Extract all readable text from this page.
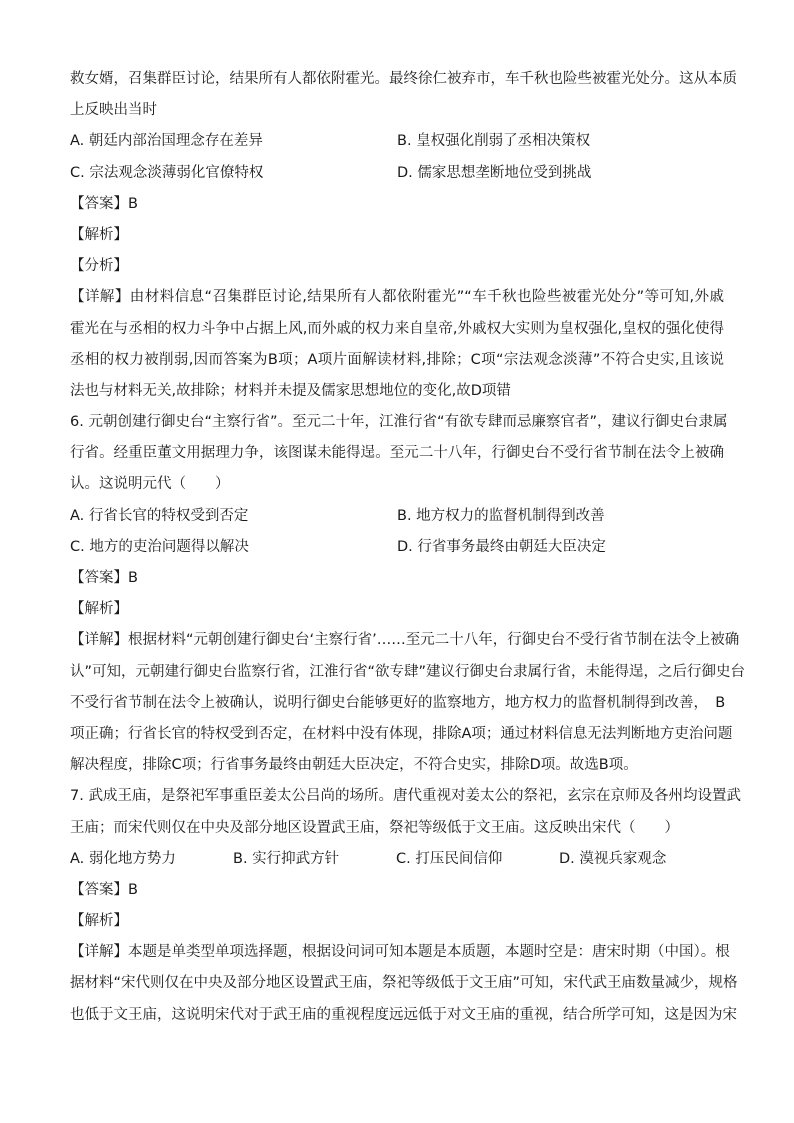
救女婿，召集群臣讨论，结果所有人都依附霍光。最终徐仁被弃市，车千秋也险些被霍光处分。这从本质
上反映出当时
A. 朝廷内部治国理念存在差异	B. 皇权强化削弱了丞相决策权
C. 宗法观念淡薄弱化官僚特权	D. 儒家思想垄断地位受到挑战
【答案】B
【解析】
【分析】
【详解】由材料信息“召集群臣讨论,结果所有人都依附霍光”“车千秋也险些被霍光处分”等可知,外戚
霍光在与丞相的权力斗争中占据上风,而外戚的权力来自皇帝,外戚权大实则为皇权强化,皇权的强化使得
丞相的权力被削弱,因而答案为B项；A项片面解读材料,排除；C项“宗法观念淡薄”不符合史实,且该说
法也与材料无关,故排除；材料并未提及儒家思想地位的变化,故D项错
6. 元朝创建行御史台“主察行省”。至元二十年，江淮行省“有欲专肆而忌廉察官者”，建议行御史台隶属
行省。经重臣董文用据理力争，该图谋未能得逞。至元二十八年，行御史台不受行省节制在法令上被确
认。这说明元代（　　）
A. 行省长官的特权受到否定	B. 地方权力的监督机制得到改善
C. 地方的吏治问题得以解决	D. 行省事务最终由朝廷大臣决定
【答案】B
【解析】
【详解】根据材料“元朝创建行御史台‘主察行省’……至元二十八年，行御史台不受行省节制在法令上被确
认”可知，元朝建行御史台监察行省，江淮行省“欲专肆”建议行御史台隶属行省，未能得逞，之后行御史台
不受行省节制在法令上被确认，说明行御史台能够更好的监察地方，地方权力的监督机制得到改善，　B
项正确；行省长官的特权受到否定，在材料中没有体现，排除A项；通过材料信息无法判断地方吏治问题
解决程度，排除C项；行省事务最终由朝廷大臣决定，不符合史实，排除D项。故选B项。
7. 武成王庙，是祭祀军事重臣姜太公吕尚的场所。唐代重视对姜太公的祭祀，玄宗在京师及各州均设置武
王庙；而宋代则仅在中央及部分地区设置武王庙，祭祀等级低于文王庙。这反映出宋代（　　）
A. 弱化地方势力	B. 实行抑武方针	C. 打压民间信仰	D. 漠视兵家观念
【答案】B
【解析】
【详解】本题是单类型单项选择题，根据设问词可知本题是本质题，本题时空是：唐宋时期（中国）。根
据材料“宋代则仅在中央及部分地区设置武王庙，祭祀等级低于文王庙”可知，宋代武王庙数量减少，规格
也低于文王庙，这说明宋代对于武王庙的重视程度远远低于对文王庙的重视，结合所学可知，这是因为宋
